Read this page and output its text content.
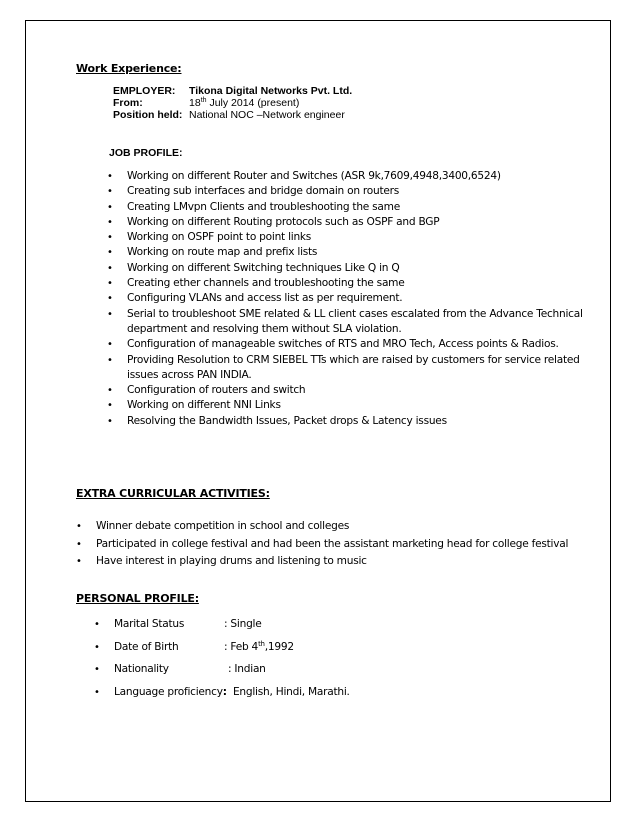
Work Experience:
EMPLOYER: Tikona Digital Networks Pvt. Ltd.
From:	18th July 2014 (present)
Position held: National NOC –Network engineer
JOB PROFILE:
• Working on different Router and Switches (ASR 9k,7609,4948,3400,6524)
• Creating sub interfaces and bridge domain on routers
• Creating LMvpn Clients and troubleshooting the same
• Working on different Routing protocols such as OSPF and BGP
• Working on OSPF point to point links
• Working on route map and prefix lists
• Working on different Switching techniques Like Q in Q
• Creating ether channels and troubleshooting the same
• Configuring VLANs and access list as per requirement.
• Serial to troubleshoot SME related & LL client cases escalated from the Advance Technical department and resolving them without SLA violation.
• Configuration of manageable switches of RTS and MRO Tech, Access points & Radios.
• Providing Resolution to CRM SIEBEL TTs which are raised by customers for service related issues across PAN INDIA.
• Configuration of routers and switch
• Working on different NNI Links
• Resolving the Bandwidth Issues, Packet drops & Latency issues
EXTRA CURRICULAR ACTIVITIES:
• Winner debate competition in school and colleges
• Participated in college festival and had been the assistant marketing head for college festival
• Have interest in playing drums and listening to music
PERSONAL PROFILE:
• Marital Status	: Single
• Date of Birth	: Feb 4th,1992
• Nationality	: Indian
• Language proficiency:  English, Hindi, Marathi.
